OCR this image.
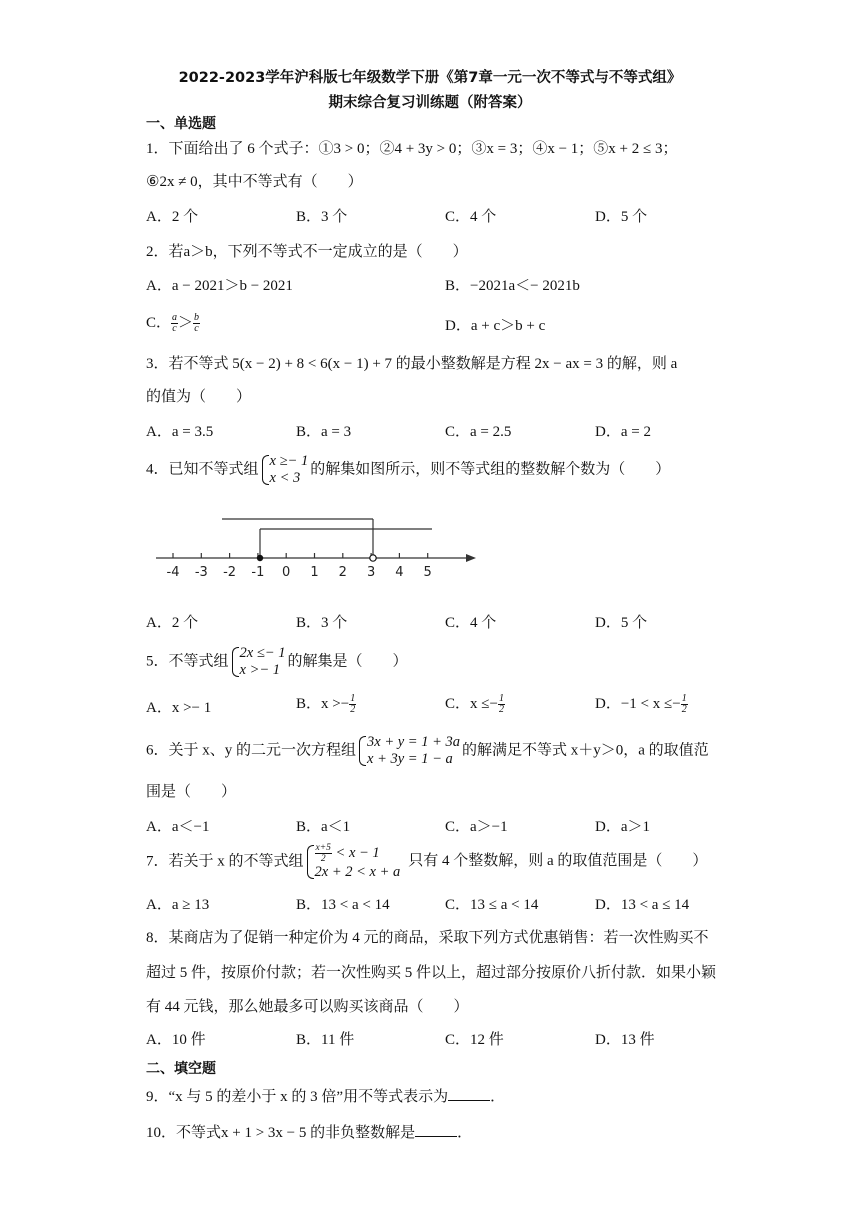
2022-2023学年沪科版七年级数学下册《第7章一元一次不等式与不等式组》
期末综合复习训练题（附答案）
一、单选题
1．下面给出了 6 个式子：①3 > 0；②4 + 3y > 0；③x = 3；④x − 1；⑤x + 2 ≤ 3；
⑥2x ≠ 0，其中不等式有（　　）
A．2 个	B．3 个	C．4 个	D．5 个
2．若a＞b，下列不等式不一定成立的是（　　）
A．a − 2021＞b − 2021	B．−2021a＜− 2021b
C． $\frac{a}{c} > \frac{b}{c}$	D．a + c＞b + c
3．若不等式 5(x − 2) + 8 < 6(x − 1) + 7 的最小整数解是方程 2x − ax = 3 的解，则 a
的值为（　　）
A．a = 3.5	B．a = 3	C．a = 2.5	D．a = 2
4．已知不等式组
x ≥− 1
x < 3
的解集如图所示，则不等式组的整数解个数为（　　）
-4 -3 -2 -1 0 1 2 3 4 5
A．2 个	B．3 个	C．4 个	D．5 个
5．不等式组
2x ≤− 1
x >− 1
的解集是（　　）
A．x >− 1	B．$x >- \frac{1}{2}$	C．$x \le- \frac{1}{2}$	D．$-1 < x \le- \frac{1}{2}$
6．关于 x、y 的二元一次方程组
3x + y = 1 + 3a
x + 3y = 1 − a
的解满足不等式 x＋y＞0，a 的取值范
围是（　　）
A．a＜−1	B．a＜1	C．a＞−1	D．a＞1
7．若关于 x 的不等式组 $\frac{x+5}{2} < x - 1$
2x + 2 < x + a
只有 4 个整数解，则 a 的取值范围是（　　）
A．a ≥ 13	B．13 < a < 14	C．13 ≤ a < 14	D．13 < a ≤ 14
8．某商店为了促销一种定价为 4 元的商品，采取下列方式优惠销售：若一次性购买不
超过 5 件，按原价付款；若一次性购买 5 件以上，超过部分按原价八折付款．如果小颖
有 44 元钱，那么她最多可以购买该商品（　　）
A．10 件	B．11 件	C．12 件	D．13 件
二、填空题
9．“x 与 5 的差小于 x 的 3 倍”用不等式表示为	．
10．不等式x + 1 > 3x − 5 的非负整数解是	．
